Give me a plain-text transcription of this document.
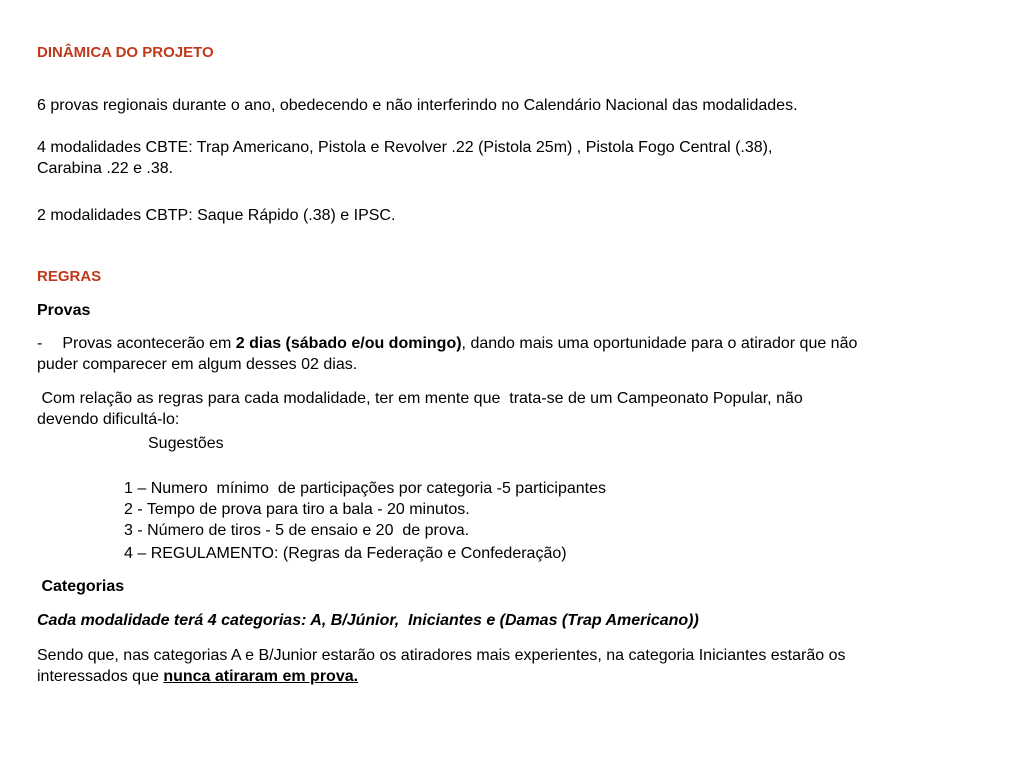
DINÂMICA DO PROJETO
6 provas regionais durante o ano, obedecendo e não interferindo no Calendário Nacional das modalidades.
4 modalidades CBTE: Trap Americano, Pistola e Revolver .22 (Pistola 25m) , Pistola Fogo Central (.38),
Carabina .22 e .38.
2 modalidades CBTP: Saque Rápido (.38) e IPSC.
REGRAS
Provas
- Provas acontecerão em 2 dias (sábado e/ou domingo), dando mais uma oportunidade para o atirador que não
puder comparecer em algum desses 02 dias.
Com relação as regras para cada modalidade, ter em mente que  trata-se de um Campeonato Popular, não
devendo dificultá-lo:
Sugestões
1 – Numero  mínimo  de participações por categoria -5 participantes
2 - Tempo de prova para tiro a bala - 20 minutos.
3 - Número de tiros - 5 de ensaio e 20  de prova.
4 – REGULAMENTO: (Regras da Federação e Confederação)
Categorias
Cada modalidade terá 4 categorias: A, B/Júnior,  Iniciantes e (Damas (Trap Americano))
Sendo que, nas categorias A e B/Junior estarão os atiradores mais experientes, na categoria Iniciantes estarão os
interessados que nunca atiraram em prova.
